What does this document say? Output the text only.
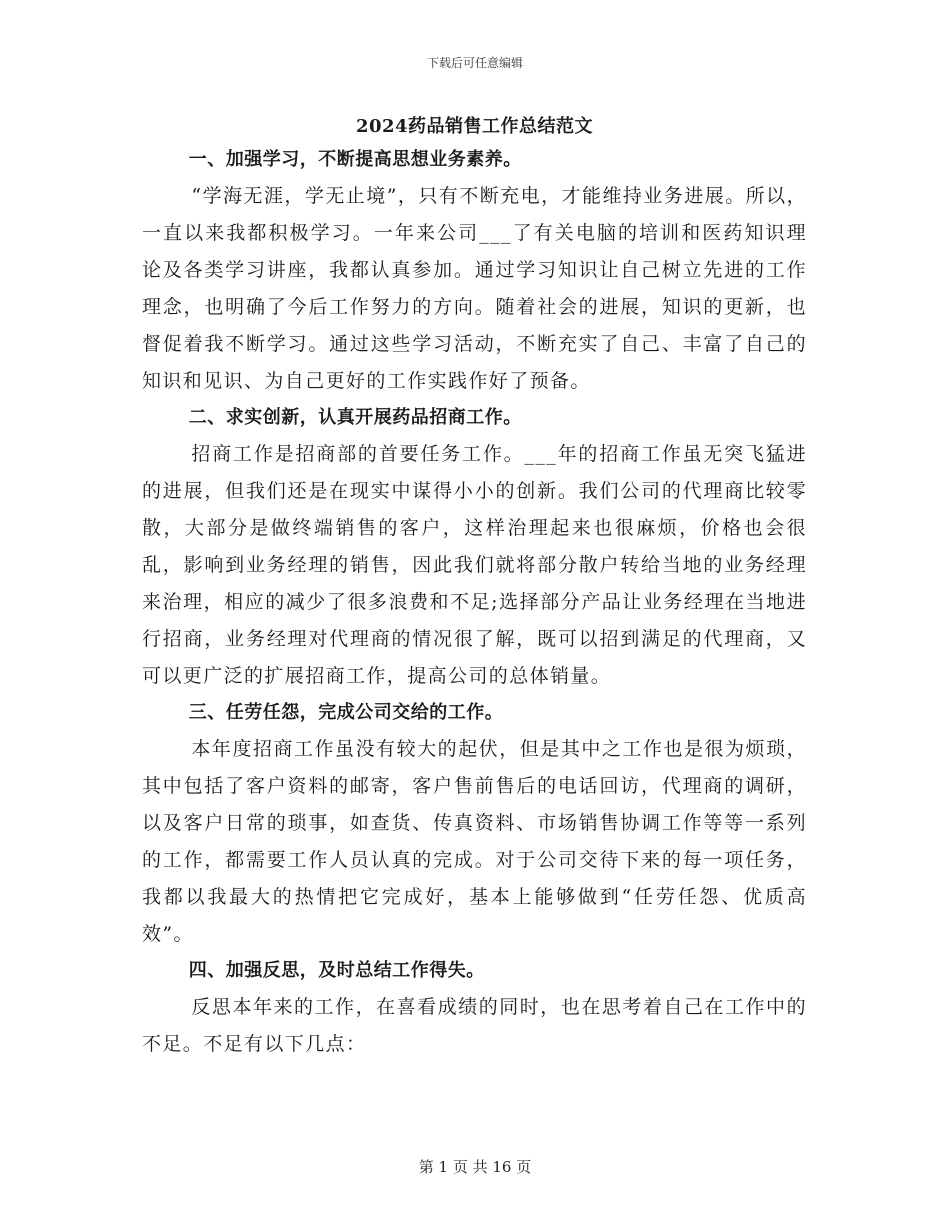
下载后可任意编辑
2024药品销售工作总结范文

一、加强学习，不断提高思想业务素养。

“学海无涯，学无止境”，只有不断充电，才能维持业务进展。所以，一直以来我都积极学习。一年来公司___了有关电脑的培训和医药知识理论及各类学习讲座，我都认真参加。通过学习知识让自己树立先进的工作理念，也明确了今后工作努力的方向。随着社会的进展，知识的更新，也督促着我不断学习。通过这些学习活动，不断充实了自己、丰富了自己的知识和见识、为自己更好的工作实践作好了预备。

二、求实创新，认真开展药品招商工作。

招商工作是招商部的首要任务工作。___年的招商工作虽无突飞猛进的进展，但我们还是在现实中谋得小小的创新。我们公司的代理商比较零散，大部分是做终端销售的客户，这样治理起来也很麻烦，价格也会很乱，影响到业务经理的销售，因此我们就将部分散户转给当地的业务经理来治理，相应的减少了很多浪费和不足;选择部分产品让业务经理在当地进行招商，业务经理对代理商的情况很了解，既可以招到满足的代理商，又可以更广泛的扩展招商工作，提高公司的总体销量。

三、任劳任怨，完成公司交给的工作。

本年度招商工作虽没有较大的起伏，但是其中之工作也是很为烦琐，其中包括了客户资料的邮寄，客户售前售后的电话回访，代理商的调研，以及客户日常的琐事，如查货、传真资料、市场销售协调工作等等一系列的工作，都需要工作人员认真的完成。对于公司交待下来的每一项任务，我都以我最大的热情把它完成好，基本上能够做到“任劳任怨、优质高效”。

四、加强反思，及时总结工作得失。

反思本年来的工作，在喜看成绩的同时，也在思考着自己在工作中的不足。不足有以下几点：

第 1 页 共 16 页
